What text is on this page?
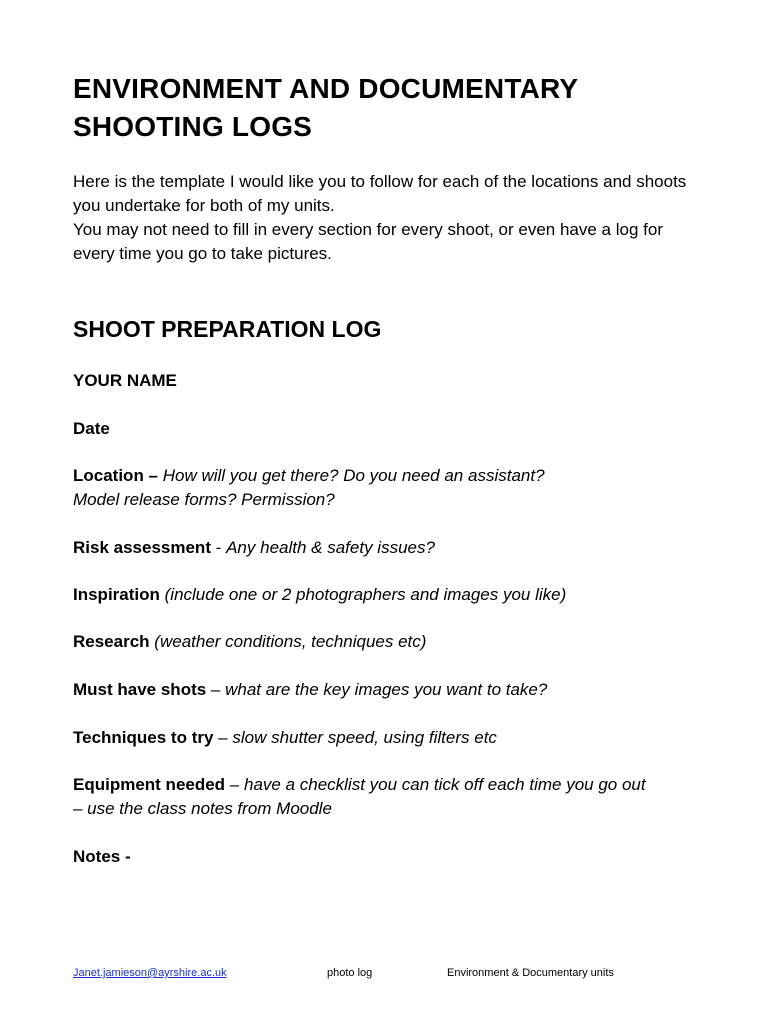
ENVIRONMENT AND DOCUMENTARY SHOOTING LOGS

Here is the template I would like you to follow for each of the locations and shoots you undertake for both of my units.

You may not need to fill in every section for every shoot, or even have a log for every time you go to take pictures.

SHOOT PREPARATION LOG
YOUR NAME
Date
Location – How will you get there? Do you need an assistant?
Model release forms? Permission?
Risk assessment - Any health & safety issues?
Inspiration (include one or 2 photographers and images you like)
Research (weather conditions, techniques etc)
Must have shots – what are the key images you want to take?
Techniques to try – slow shutter speed, using filters etc
Equipment needed – have a checklist you can tick off each time you go out – use the class notes from Moodle
Notes -
Janet.jamieson@ayrshire.ac.uk	photo log	Environment & Documentary units
